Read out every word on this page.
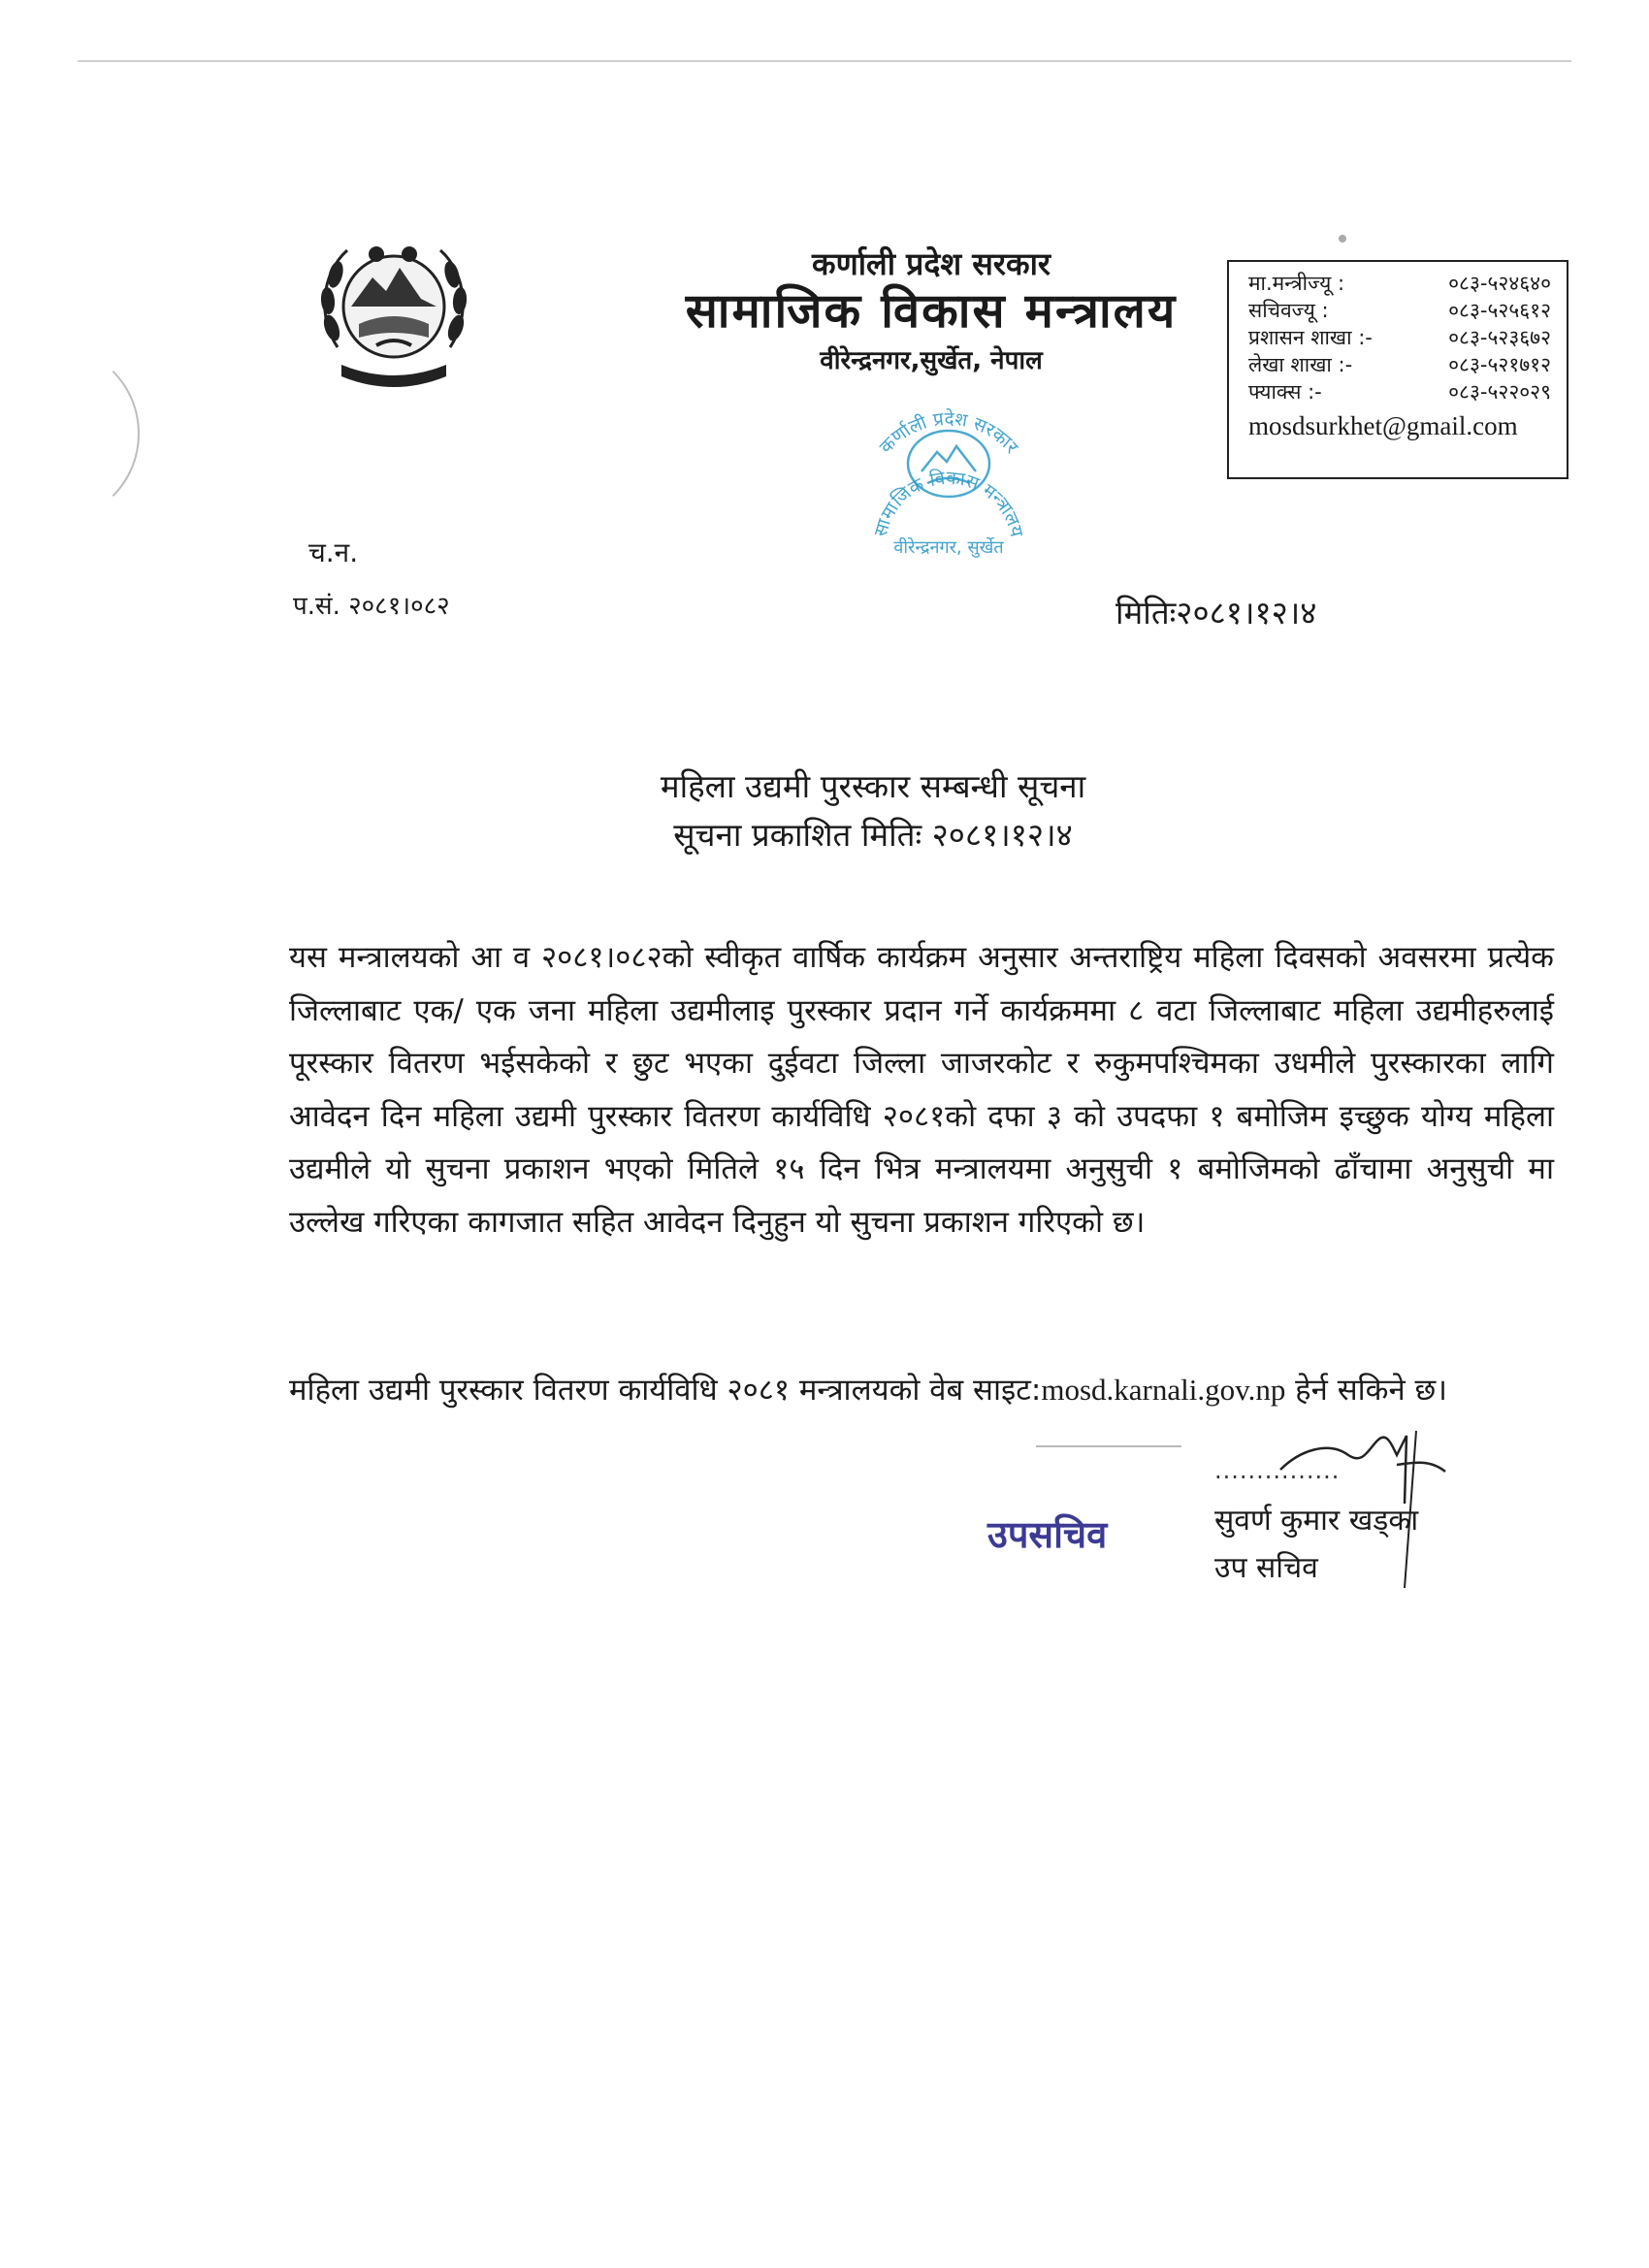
कर्णाली प्रदेश सरकार
सामाजिक विकास मन्त्रालय
वीरेन्द्रनगर,सुर्खेत, नेपाल
मा.मन्त्रीज्यू :	०८३-५२४६४०
सचिवज्यू :	०८३-५२५६१२
प्रशासन शाखा :-	०८३-५२३६७२
लेखा शाखा :-	०८३-५२१७१२
फ्याक्स :-	०८३-५२२०२९
mosdsurkhet@gmail.com
कर्णाली प्रदेश सरकार
सामाजिक विकास मन्त्रालय
वीरेन्द्रनगर, सुर्खेत
च.न.
प.सं. २०८१।०८२	मितिः२०८१।१२।४
महिला उद्यमी पुरस्कार सम्बन्धी सूचना
सूचना प्रकाशित मितिः २०८१।१२।४
यस मन्त्रालयको आ व २०८१।०८२को स्वीकृत वार्षिक कार्यक्रम अनुसार अन्तराष्ट्रिय महिला दिवसको अवसरमा प्रत्येक जिल्लाबाट एक/ एक जना महिला उद्यमीलाइ पुरस्कार प्रदान गर्ने कार्यक्रममा ८ वटा जिल्लाबाट महिला उद्यमीहरुलाई पूरस्कार वितरण भईसकेको र छुट भएका दुईवटा जिल्ला जाजरकोट र रुकुमपश्चिमका उधमीले पुरस्कारका लागि आवेदन दिन महिला उद्यमी पुरस्कार वितरण कार्यविधि २०८१को दफा ३ को उपदफा १ बमोजिम इच्छुक योग्य महिला उद्यमीले यो सुचना प्रकाशन भएको मितिले १५ दिन भित्र मन्त्रालयमा अनुसुची १ बमोजिमको ढाँचामा अनुसुची मा उल्लेख गरिएका कागजात सहित आवेदन दिनुहुन यो सुचना प्रकाशन गरिएको छ।
महिला उद्यमी पुरस्कार वितरण कार्यविधि २०८१ मन्त्रालयको वेब साइट:mosd.karnali.gov.np हेर्न सकिने छ।
...............
उपसचिव	सुवर्ण कुमार खड्का
उप सचिव
